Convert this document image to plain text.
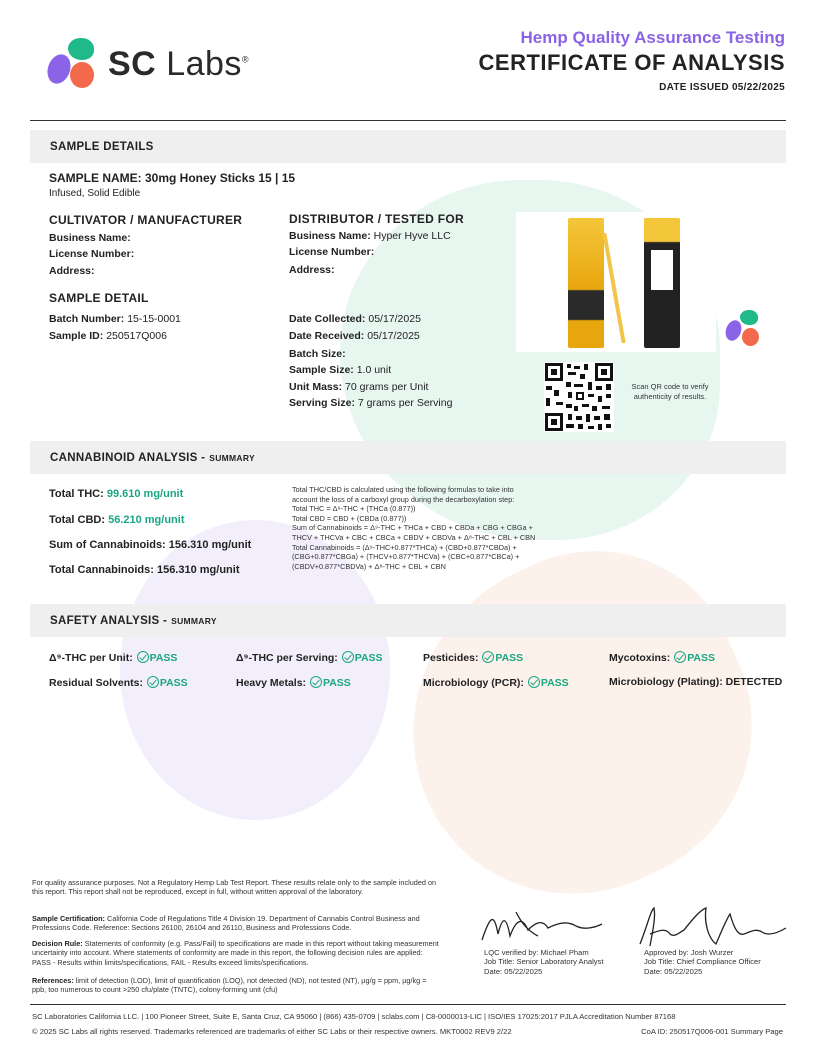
SC Labs®
Hemp Quality Assurance Testing
CERTIFICATE OF ANALYSIS
DATE ISSUED 05/22/2025
SAMPLE DETAILS
SAMPLE NAME: 30mg Honey Sticks 15 | 15
Infused, Solid Edible
CULTIVATOR / MANUFACTURER
Business Name:
License Number:
Address:
DISTRIBUTOR / TESTED FOR
Business Name: Hyper Hyve LLC
License Number:
Address:
SAMPLE DETAIL
Batch Number: 15-15-0001
Sample ID: 250517Q006
Date Collected: 05/17/2025
Date Received: 05/17/2025
Batch Size:
Sample Size: 1.0 unit
Unit Mass: 70 grams per Unit
Serving Size: 7 grams per Serving
Scan QR code to verify authenticity of results.
CANNABINOID ANALYSIS - SUMMARY
Total THC: 99.610 mg/unit
Total CBD: 56.210 mg/unit
Sum of Cannabinoids: 156.310 mg/unit
Total Cannabinoids: 156.310 mg/unit
Total THC/CBD is calculated using the following formulas to take into
account the loss of a carboxyl group during the decarboxylation step:
Total THC = Δ⁹-THC + (THCa (0.877))
Total CBD = CBD + (CBDa (0.877))
Sum of Cannabinoids = Δ⁹-THC + THCa + CBD + CBDa + CBG + CBGa +
THCV + THCVa + CBC + CBCa + CBDV + CBDVa + Δ⁸-THC + CBL + CBN
Total Cannabinoids = (Δ⁹-THC+0.877*THCa) + (CBD+0.877*CBDa) +
(CBG+0.877*CBGa) + (THCV+0.877*THCVa) + (CBC+0.877*CBCa) +
(CBDV+0.877*CBDVa) + Δ⁸-THC + CBL + CBN
SAFETY ANALYSIS - SUMMARY
Δ⁹-THC per Unit: PASS	Δ⁹-THC per Serving: PASS	Pesticides: PASS	Mycotoxins: PASS
Residual Solvents: PASS	Heavy Metals: PASS	Microbiology (PCR): PASS	Microbiology (Plating): DETECTED
For quality assurance purposes. Not a Regulatory Hemp Lab Test Report. These results relate only to the sample included on this report. This report shall not be reproduced, except in full, without written approval of the laboratory.
Sample Certification: California Code of Regulations Title 4 Division 19. Department of Cannabis Control Business and Professions Code. Reference: Sections 26100, 26104 and 26110, Business and Professions Code.
Decision Rule: Statements of conformity (e.g. Pass/Fail) to specifications are made in this report without taking measurement uncertainty into account. Where statements of conformity are made in this report, the following decision rules are applied: PASS - Results within limits/specifications, FAIL - Results exceed limits/specifications.
References: limit of detection (LOD), limit of quantification (LOQ), not detected (ND), not tested (NT), µg/g = ppm, µg/kg = ppb, too numerous to count >250 cfu/plate (TNTC), colony-forming unit (cfu)
LQC verified by: Michael Pham
Job Title: Senior Laboratory Analyst
Date: 05/22/2025
Approved by: Josh Wurzer
Job Title: Chief Compliance Officer
Date: 05/22/2025
SC Laboratories California LLC. | 100 Pioneer Street, Suite E, Santa Cruz, CA 95060 | (866) 435-0709 | sclabs.com | C8-0000013-LIC | ISO/IES 17025:2017 PJLA Accreditation Number 87168
© 2025 SC Labs all rights reserved. Trademarks referenced are trademarks of either SC Labs or their respective owners. MKT0002 REV9 2/22	CoA ID: 250517Q006-001 Summary Page
